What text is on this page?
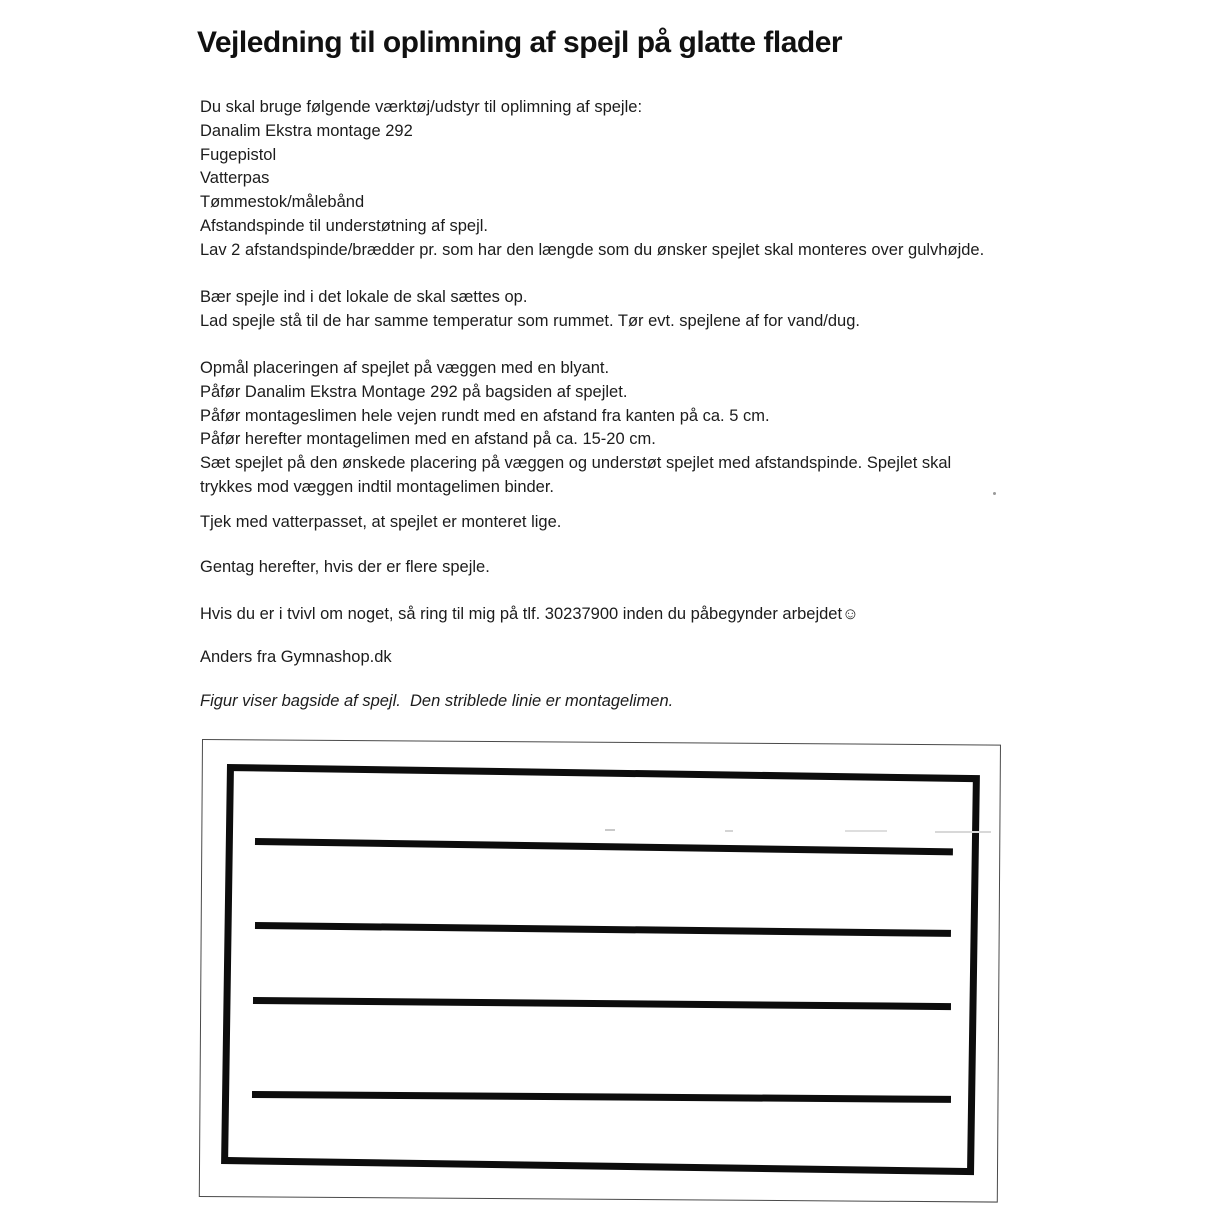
Vejledning til oplimning af spejl på glatte flader
Du skal bruge følgende værktøj/udstyr til oplimning af spejle:
Danalim Ekstra montage 292
Fugepistol
Vatterpas
Tømmestok/målebånd
Afstandspinde til understøtning af spejl.
Lav 2 afstandspinde/brædder pr. som har den længde som du ønsker spejlet skal monteres over gulvhøjde.
Bær spejle ind i det lokale de skal sættes op.
Lad spejle stå til de har samme temperatur som rummet. Tør evt. spejlene af for vand/dug.
Opmål placeringen af spejlet på væggen med en blyant.
Påfør Danalim Ekstra Montage 292 på bagsiden af spejlet.
Påfør montageslimen hele vejen rundt med en afstand fra kanten på ca. 5 cm.
Påfør herefter montagelimen med en afstand på ca. 15-20 cm.
Sæt spejlet på den ønskede placering på væggen og understøt spejlet med afstandspinde. Spejlet skal
trykkes mod væggen indtil montagelimen binder.
Tjek med vatterpasset, at spejlet er monteret lige.
Gentag herefter, hvis der er flere spejle.
Hvis du er i tvivl om noget, så ring til mig på tlf. 30237900 inden du påbegynder arbejdet☺
Anders fra Gymnashop.dk
Figur viser bagside af spejl.  Den striblede linie er montagelimen.
